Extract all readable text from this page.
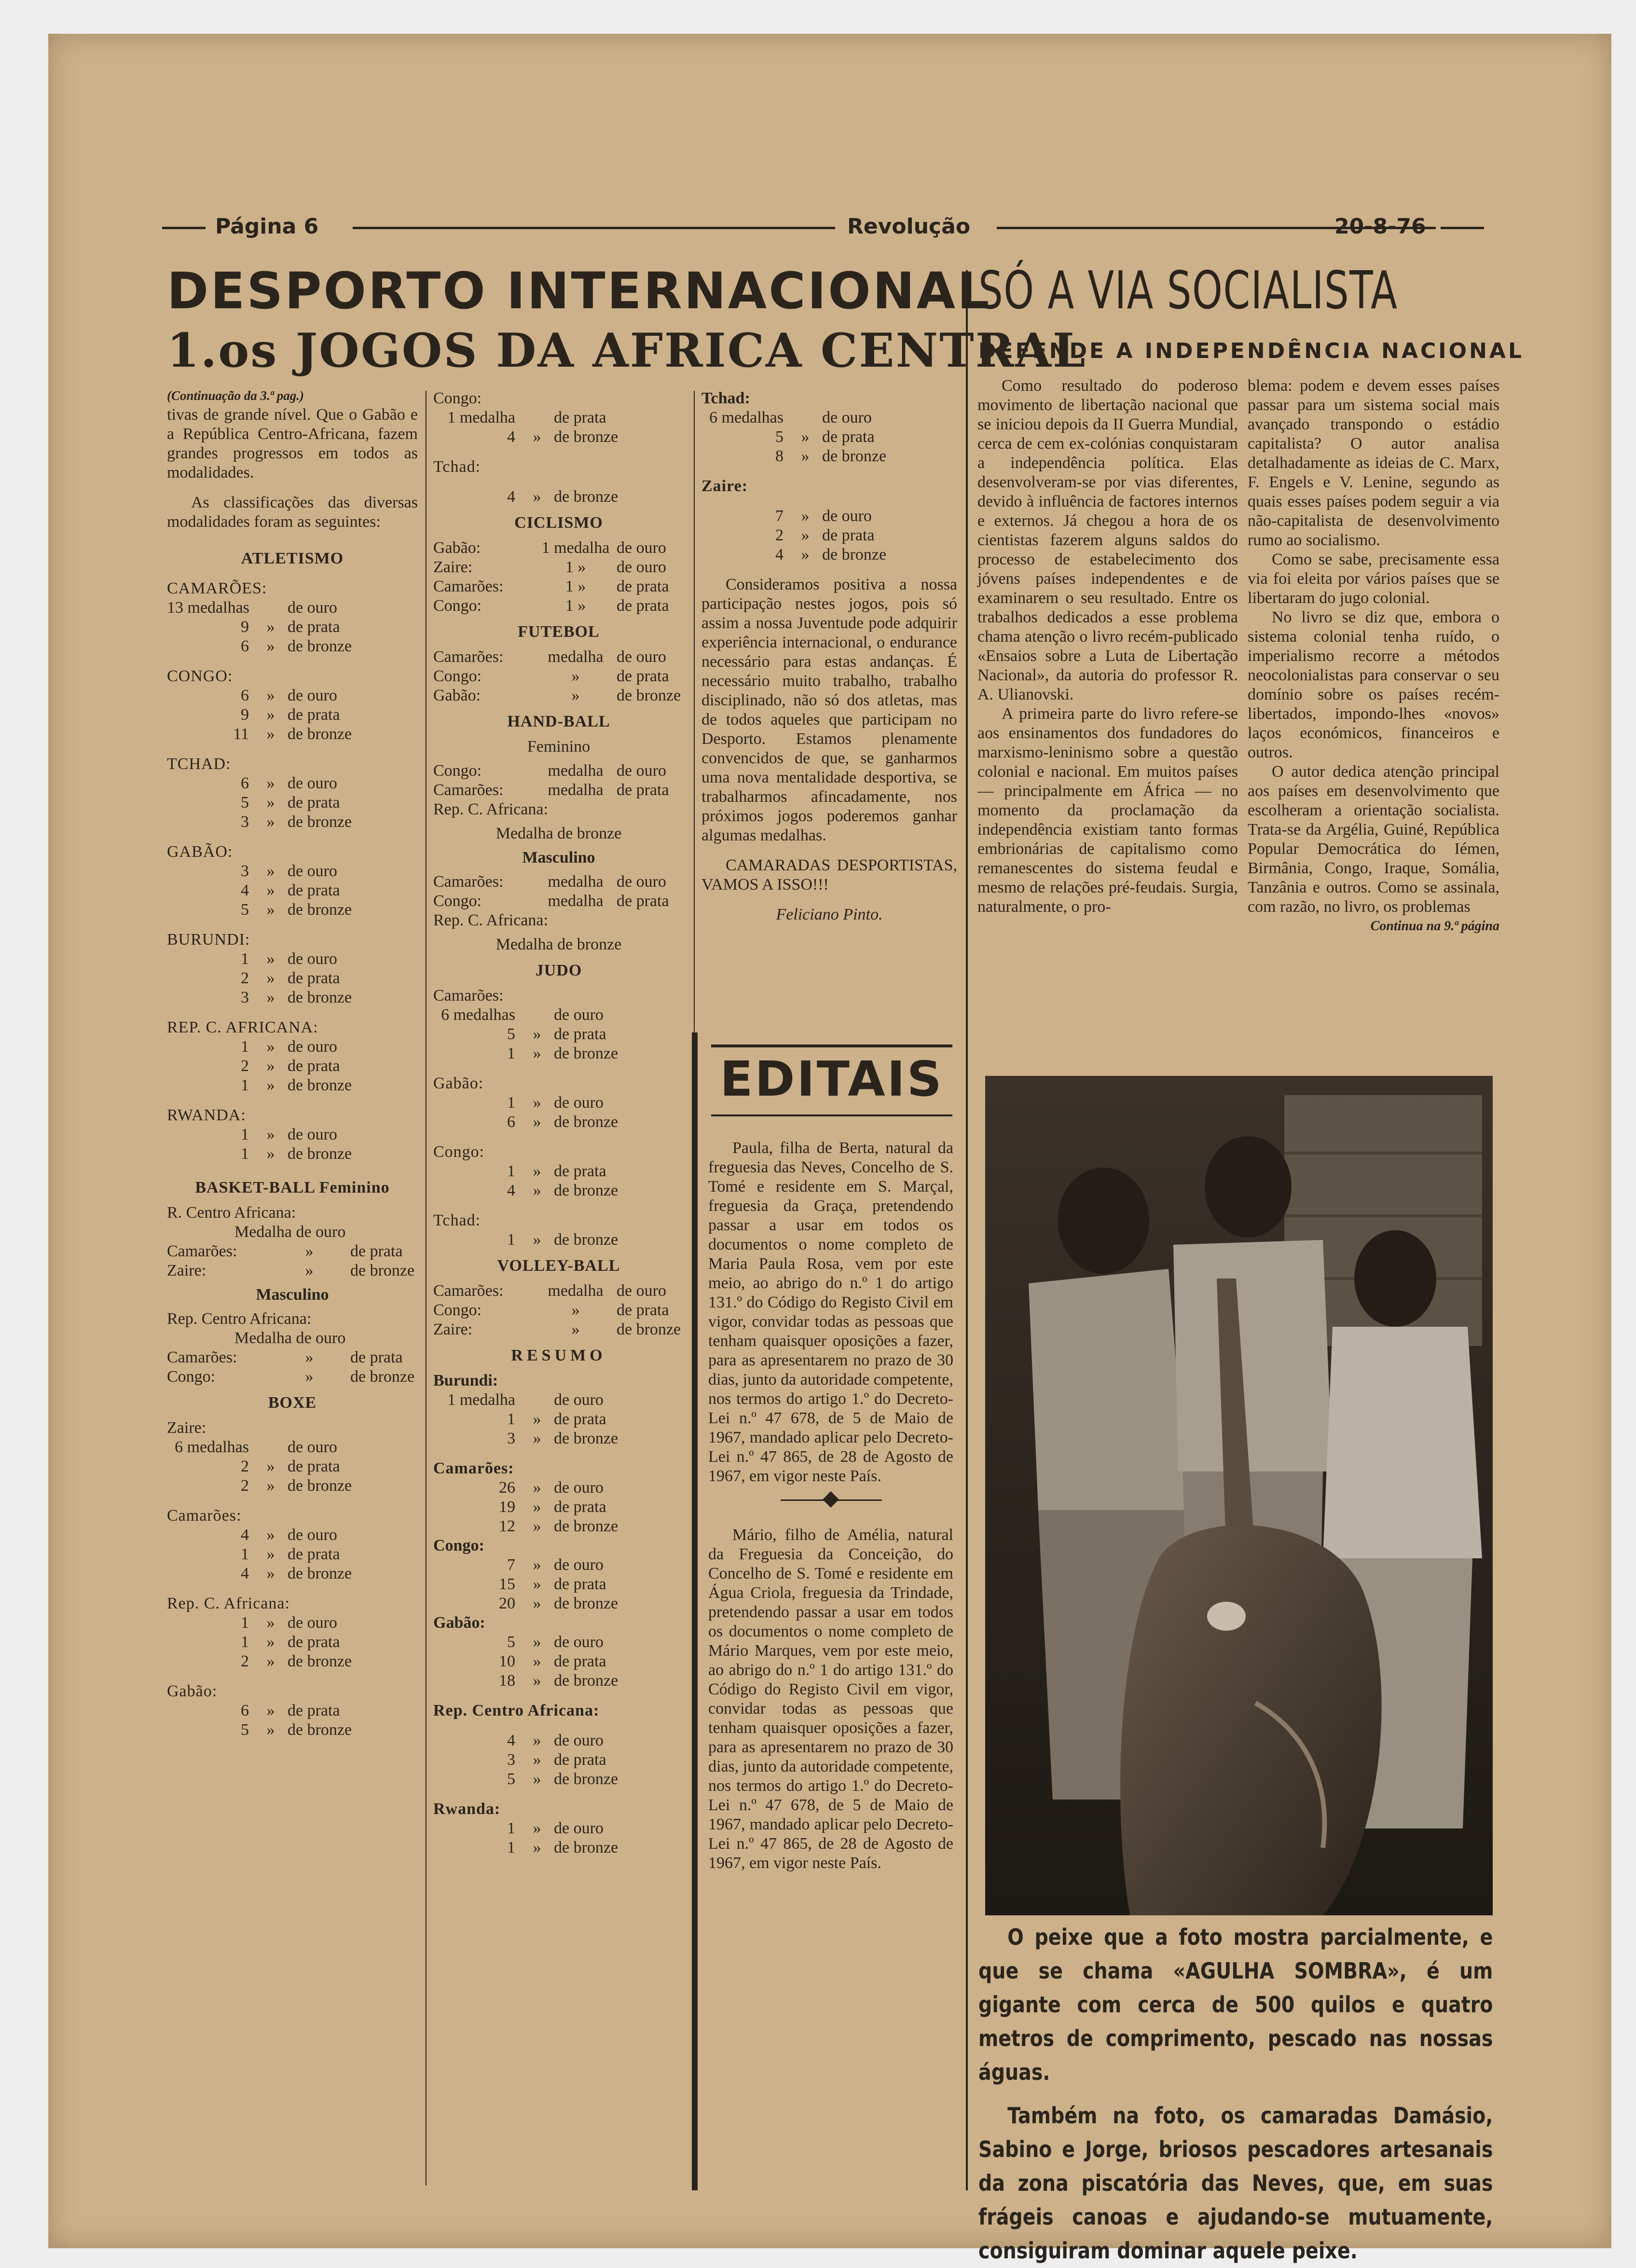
Página 6	Revolução	20-8-76
DESPORTO INTERNACIONAL
1.os JOGOS DA AFRICA CENTRAL
SÓ A VIA SOCIALISTA
DEFENDE A INDEPENDÊNCIA NACIONAL

(Continuação da 3.ª pag.)

tivas de grande nível. Que o Gabão e a República Centro-Africana, fazem grandes progressos em todos as modalidades.

As classificações das diversas modalidades foram as seguintes:

ATLETISMO
CAMARÕES:
13 medalhas de ouro
9	» de prata
6	» de bronze
CONGO:
6	» de ouro
9	» de prata
11	» de bronze
TCHAD:
6	» de ouro
5	» de prata
3	» de bronze
GABÃO:
3	» de ouro
4	» de prata
5	» de bronze
BURUNDI:
1	» de ouro
2	» de prata
3	» de bronze
REP. C. AFRICANA:
1	» de ouro
2	» de prata
1	» de bronze
RWANDA:
1	» de ouro
1	» de bronze
BASKET-BALL Feminino
R. Centro Africana:
Medalha de ouro
Camarões:	»	de prata
Zaire:	»	de bronze
Masculino
Rep. Centro Africana:
Medalha de ouro
Camarões:	»	de prata
Congo:	»	de bronze
BOXE
Zaire:
6 medalhas de ouro
2	» de prata
2	» de bronze
Camarões:
4	» de ouro
1	» de prata
4	» de bronze
Rep. C. Africana:
1	» de ouro
1	» de prata
2	» de bronze
Gabão:
6	» de prata
5	» de bronze
Congo:
1 medalha de prata
4	» de bronze
Tchad:
4	» de bronze
CICLISMO
Gabão:	1 medalha de ouro
Zaire:	1 »	de ouro
Camarões:	1 »	de prata
Congo:	1 »	de prata
FUTEBOL
Camarões:	medalha de ouro
Congo:	»	de prata
Gabão:	»	de bronze
HAND-BALL
Feminino
Congo:	medalha de ouro
Camarões:	medalha de prata
Rep. C. Africana:
Medalha de bronze
Masculino
Camarões:	medalha de ouro
Congo:	medalha de prata
Rep. C. Africana:
Medalha de bronze
JUDO
Camarões:
6 medalhas de ouro
5	» de prata
1	» de bronze
Gabão:
1	» de ouro
6	» de bronze
Congo:
1	» de prata
4	» de bronze
Tchad:
1	» de bronze
VOLLEY-BALL
Camarões:	medalha de ouro
Congo:	»	de prata
Zaire:	»	de bronze
RESUMO
Burundi:
1 medalha de ouro
1	» de prata
3	» de bronze
Camarões:
26	» de ouro
19	» de prata
12	» de bronze
Congo:
7	» de ouro
15	» de prata
20	» de bronze
Gabão:
5	» de ouro
10	» de prata
18	» de bronze
Rep. Centro Africana:
4	» de ouro
3	» de prata
5	» de bronze
Rwanda:
1	» de ouro
1	» de bronze
Tchad:
6 medalhas de ouro
5	» de prata
8	» de bronze
Zaire:
7	» de ouro
2	» de prata
4	» de bronze

Consideramos positiva a nossa participação nestes jogos, pois só assim a nossa Juventude pode adquirir experiência internacional, o endurance necessário para estas andanças. É necessário muito trabalho, trabalho disciplinado, não só dos atletas, mas de todos aqueles que participam no Desporto. Estamos plenamente convencidos de que, se ganharmos uma nova mentalidade desportiva, se trabalharmos afincadamente, nos próximos jogos poderemos ganhar algumas medalhas.

CAMARADAS DESPORTISTAS, VAMOS A ISSO!!!

Feliciano Pinto.

EDITAIS

Paula, filha de Berta, natural da freguesia das Neves, Concelho de S. Tomé e residente em S. Marçal, freguesia da Graça, pretendendo passar a usar em todos os documentos o nome completo de Maria Paula Rosa, vem por este meio, ao abrigo do n.º 1 do artigo 131.º do Código do Registo Civil em vigor, convidar todas as pessoas que tenham quaisquer oposições a fazer, para as apresentarem no prazo de 30 dias, junto da autoridade competente, nos termos do artigo 1.º do Decreto-Lei n.º 47 678, de 5 de Maio de 1967, mandado aplicar pelo Decreto-Lei n.º 47 865, de 28 de Agosto de 1967, em vigor neste País.

Mário, filho de Amélia, natural da Freguesia da Conceição, do Concelho de S. Tomé e residente em Água Criola, freguesia da Trindade, pretendendo passar a usar em todos os documentos o nome completo de Mário Marques, vem por este meio, ao abrigo do n.º 1 do artigo 131.º do Código do Registo Civil em vigor, convidar todas as pessoas que tenham quaisquer oposições a fazer, para as apresentarem no prazo de 30 dias, junto da autoridade competente, nos termos do artigo 1.º do Decreto-Lei n.º 47 678, de 5 de Maio de 1967, mandado aplicar pelo Decreto-Lei n.º 47 865, de 28 de Agosto de 1967, em vigor neste País.

Como resultado do poderoso movimento de libertação nacional que se iniciou depois da II Guerra Mundial, cerca de cem ex-colónias conquistaram a independência política. Elas desenvolveram-se por vias diferentes, devido à influência de factores internos e externos. Já chegou a hora de os cientistas fazerem alguns saldos do processo de estabelecimento dos jóvens países independentes e de examinarem o seu resultado. Entre os trabalhos dedicados a esse problema chama atenção o livro recém-publicado «Ensaios sobre a Luta de Libertação Nacional», da autoria do professor R. A. Ulianovski.

A primeira parte do livro refere-se aos ensinamentos dos fundadores do marxismo-leninismo sobre a questão colonial e nacional. Em muitos países — principalmente em África — no momento da proclamação da independência existiam tanto formas embrionárias de capitalismo como remanescentes do sistema feudal e mesmo de relações pré-feudais. Surgia, naturalmente, o pro-

blema: podem e devem esses países passar para um sistema social mais avançado transpondo o estádio capitalista? O autor analisa detalhadamente as ideias de C. Marx, F. Engels e V. Lenine, segundo as quais esses países podem seguir a via não-capitalista de desenvolvimento rumo ao socialismo.

Como se sabe, precisamente essa via foi eleita por vários países que se libertaram do jugo colonial.

No livro se diz que, embora o sistema colonial tenha ruído, o imperialismo recorre a métodos neocolonialistas para conservar o seu domínio sobre os países recém-libertados, impondo-lhes «novos» laços económicos, financeiros e outros.

O autor dedica atenção principal aos países em desenvolvimento que escolheram a orientação socialista. Trata-se da Argélia, Guiné, República Popular Democrática do Iémen, Birmânia, Congo, Iraque, Somália, Tanzânia e outros. Como se assinala, com razão, no livro, os problemas

Continua na 9.ª página

O peixe que a foto mostra parcialmente, e que se chama «AGULHA SOMBRA», é um gigante com cerca de 500 quilos e quatro metros de comprimento, pescado nas nossas águas.

Também na foto, os camaradas Damásio, Sabino e Jorge, briosos pescadores artesanais da zona piscatória das Neves, que, em suas frágeis canoas e ajudando-se mutuamente, consiguiram dominar aquele peixe.
